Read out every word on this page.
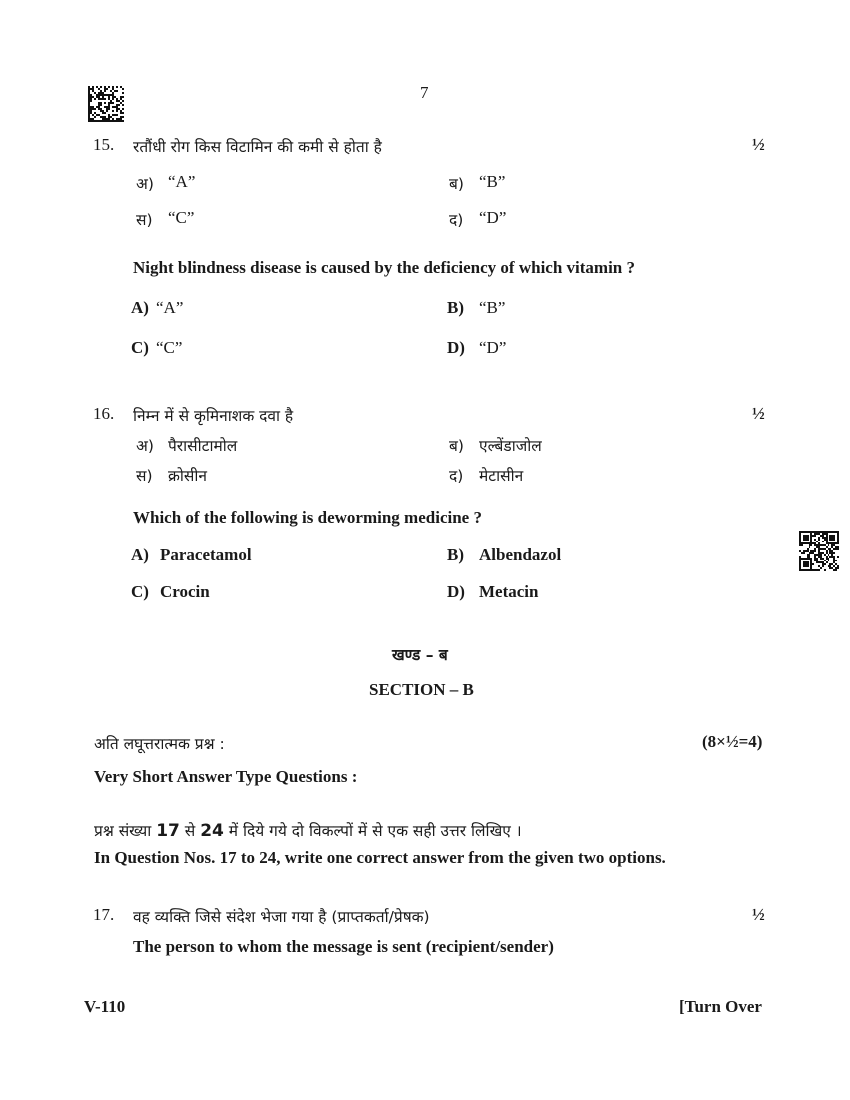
7
15. रतौंधी रोग किस विटामिन की कमी से होता है	½
अ) “A”	ब) “B”
स) “C”	द) “D”
Night blindness disease is caused by the deficiency of which vitamin ?
A) “A”	B) “B”
C) “C”	D) “D”
16. निम्न में से कृमिनाशक दवा है	½
अ) पैरासीटामोल	ब) एल्बेंडाजोल
स) क्रोसीन	द) मेटासीन
Which of the following is deworming medicine ?
A) Paracetamol	B) Albendazol
C) Crocin	D) Metacin
खण्ड – ब
SECTION – B
अति लघूत्तरात्मक प्रश्न :	(8×½=4)
Very Short Answer Type Questions :
प्रश्न संख्या 17 से 24 में दिये गये दो विकल्पों में से एक सही उत्तर लिखिए ।
In Question Nos. 17 to 24, write one correct answer from the given two options.
17. वह व्यक्ति जिसे संदेश भेजा गया है (प्राप्तकर्ता/प्रेषक)	½
The person to whom the message is sent (recipient/sender)
V-110	[Turn Over
